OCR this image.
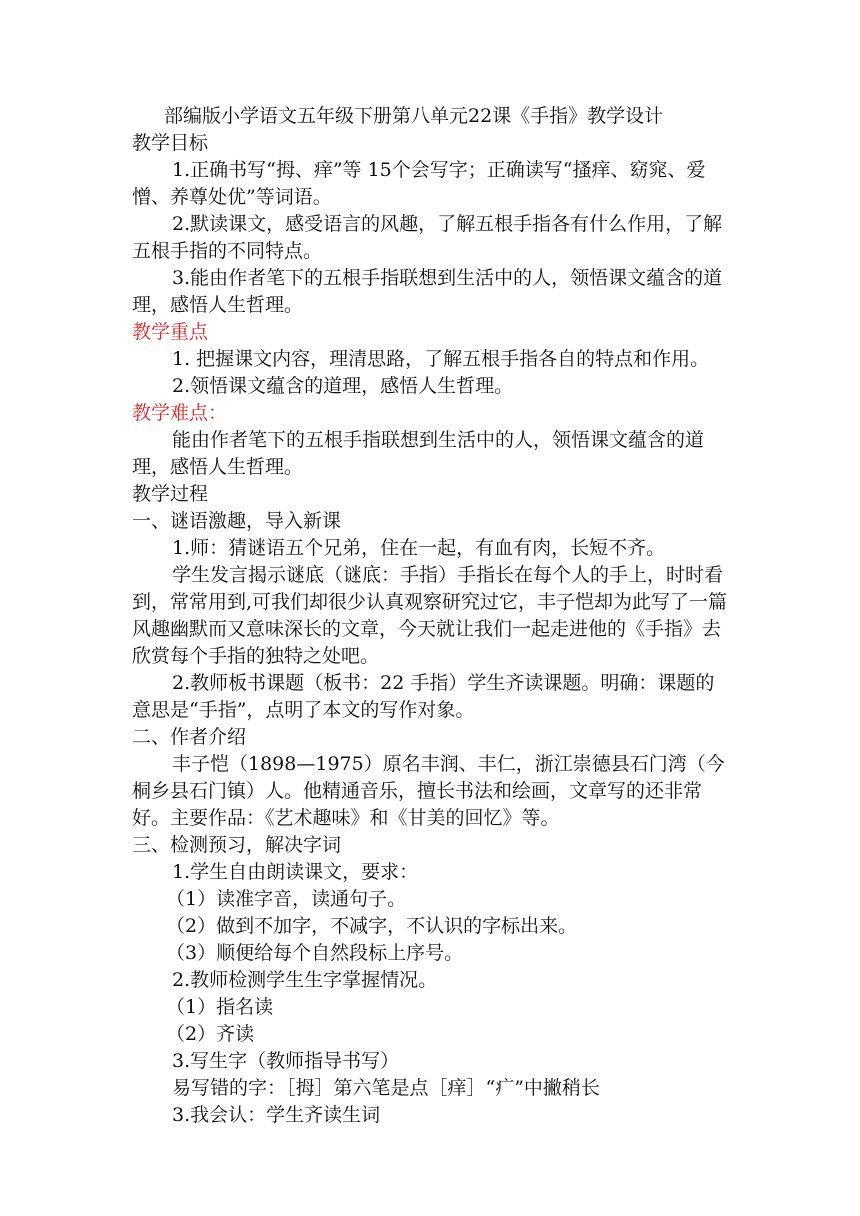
部编版小学语文五年级下册第八单元22课《手指》教学设计

教学目标

1.正确书写“拇、痒”等 15个会写字；正确读写“搔痒、窈窕、爱憎、养尊处优”等词语。

2.默读课文，感受语言的风趣，了解五根手指各有什么作用，了解五根手指的不同特点。

3.能由作者笔下的五根手指联想到生活中的人，领悟课文蕴含的道理，感悟人生哲理。

教学重点

1. 把握课文内容，理清思路，了解五根手指各自的特点和作用。

2.领悟课文蕴含的道理，感悟人生哲理。

教学难点：

能由作者笔下的五根手指联想到生活中的人，领悟课文蕴含的道理，感悟人生哲理。

教学过程

一、谜语激趣，导入新课

1.师：猜谜语五个兄弟，住在一起，有血有肉，长短不齐。

学生发言揭示谜底（谜底：手指）手指长在每个人的手上，时时看到，常常用到,可我们却很少认真观察研究过它，丰子恺却为此写了一篇风趣幽默而又意味深长的文章，今天就让我们一起走进他的《手指》去欣赏每个手指的独特之处吧。

2.教师板书课题（板书：22 手指）学生齐读课题。明确：课题的意思是“手指”，点明了本文的写作对象。

二、作者介绍

丰子恺（1898—1975）原名丰润、丰仁，浙江崇德县石门湾（今桐乡县石门镇）人。他精通音乐，擅长书法和绘画，文章写的还非常好。主要作品：《艺术趣味》和《甘美的回忆》等。

三、检测预习，解决字词

1.学生自由朗读课文，要求：

（1）读准字音，读通句子。

（2）做到不加字，不减字，不认识的字标出来。

（3）顺便给每个自然段标上序号。

2.教师检测学生生字掌握情况。

（1）指名读

（2）齐读

3.写生字（教师指导书写）

易写错的字：［拇］第六笔是点［痒］“疒”中撇稍长

3.我会认：学生齐读生词
